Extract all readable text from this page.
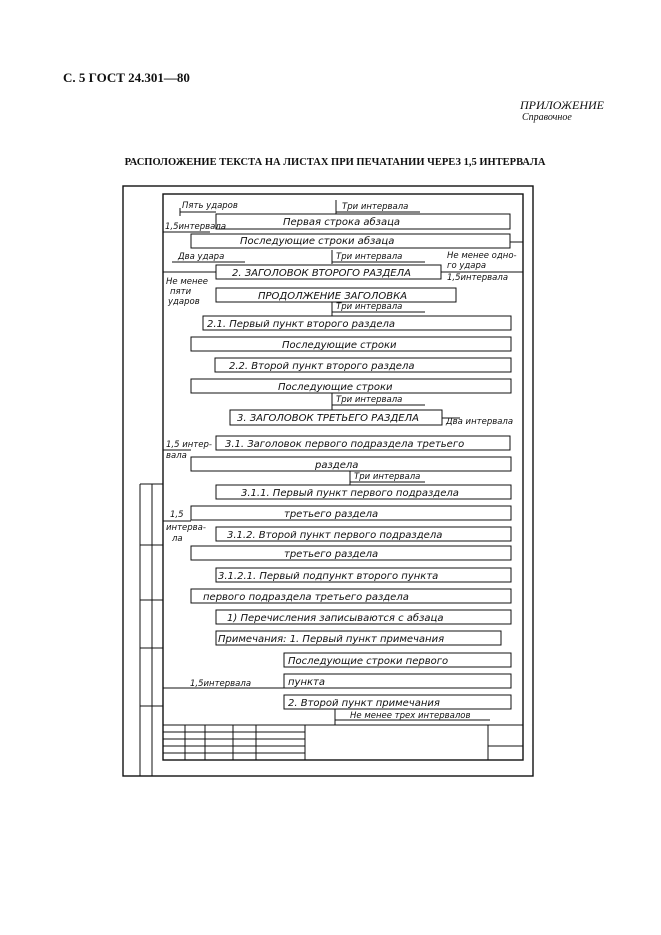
С. 5 ГОСТ 24.301—80
ПРИЛОЖЕНИЕ
Справочное
РАСПОЛОЖЕНИЕ ТЕКСТА НА ЛИСТАХ ПРИ ПЕЧАТАНИИ ЧЕРЕЗ 1,5 ИНТЕРВАЛА
Первая строка абзаца
Последующие строки абзаца
2. ЗАГОЛОВОК ВТОРОГО РАЗДЕЛА
ПРОДОЛЖЕНИЕ ЗАГОЛОВКА
2.1. Первый пункт второго раздела
Последующие строки
2.2. Второй пункт второго раздела
Последующие строки
3. ЗАГОЛОВОК ТРЕТЬЕГО РАЗДЕЛА
3.1. Заголовок первого подраздела третьего
раздела
3.1.1. Первый пункт первого подраздела
третьего раздела
3.1.2. Второй пункт первого подраздела
третьего раздела
3.1.2.1. Первый подпункт второго пункта
первого подраздела третьего раздела
1) Перечисления записываются с абзаца
Примечания: 1. Первый пункт примечания
Последующие строки первого
пункта
2. Второй пункт примечания
Пять ударов	Три интервала
1,5интервала
Два удара	Три интервала	Не менее одно-
го удара
1,5интервала
Не менее
пяти
ударов	Три интервала
Три интервала
Два интервала
1,5 интер-
вала
Три интервала
1,5
интерва-
ла
1,5интервала
Не менее трех интервалов
